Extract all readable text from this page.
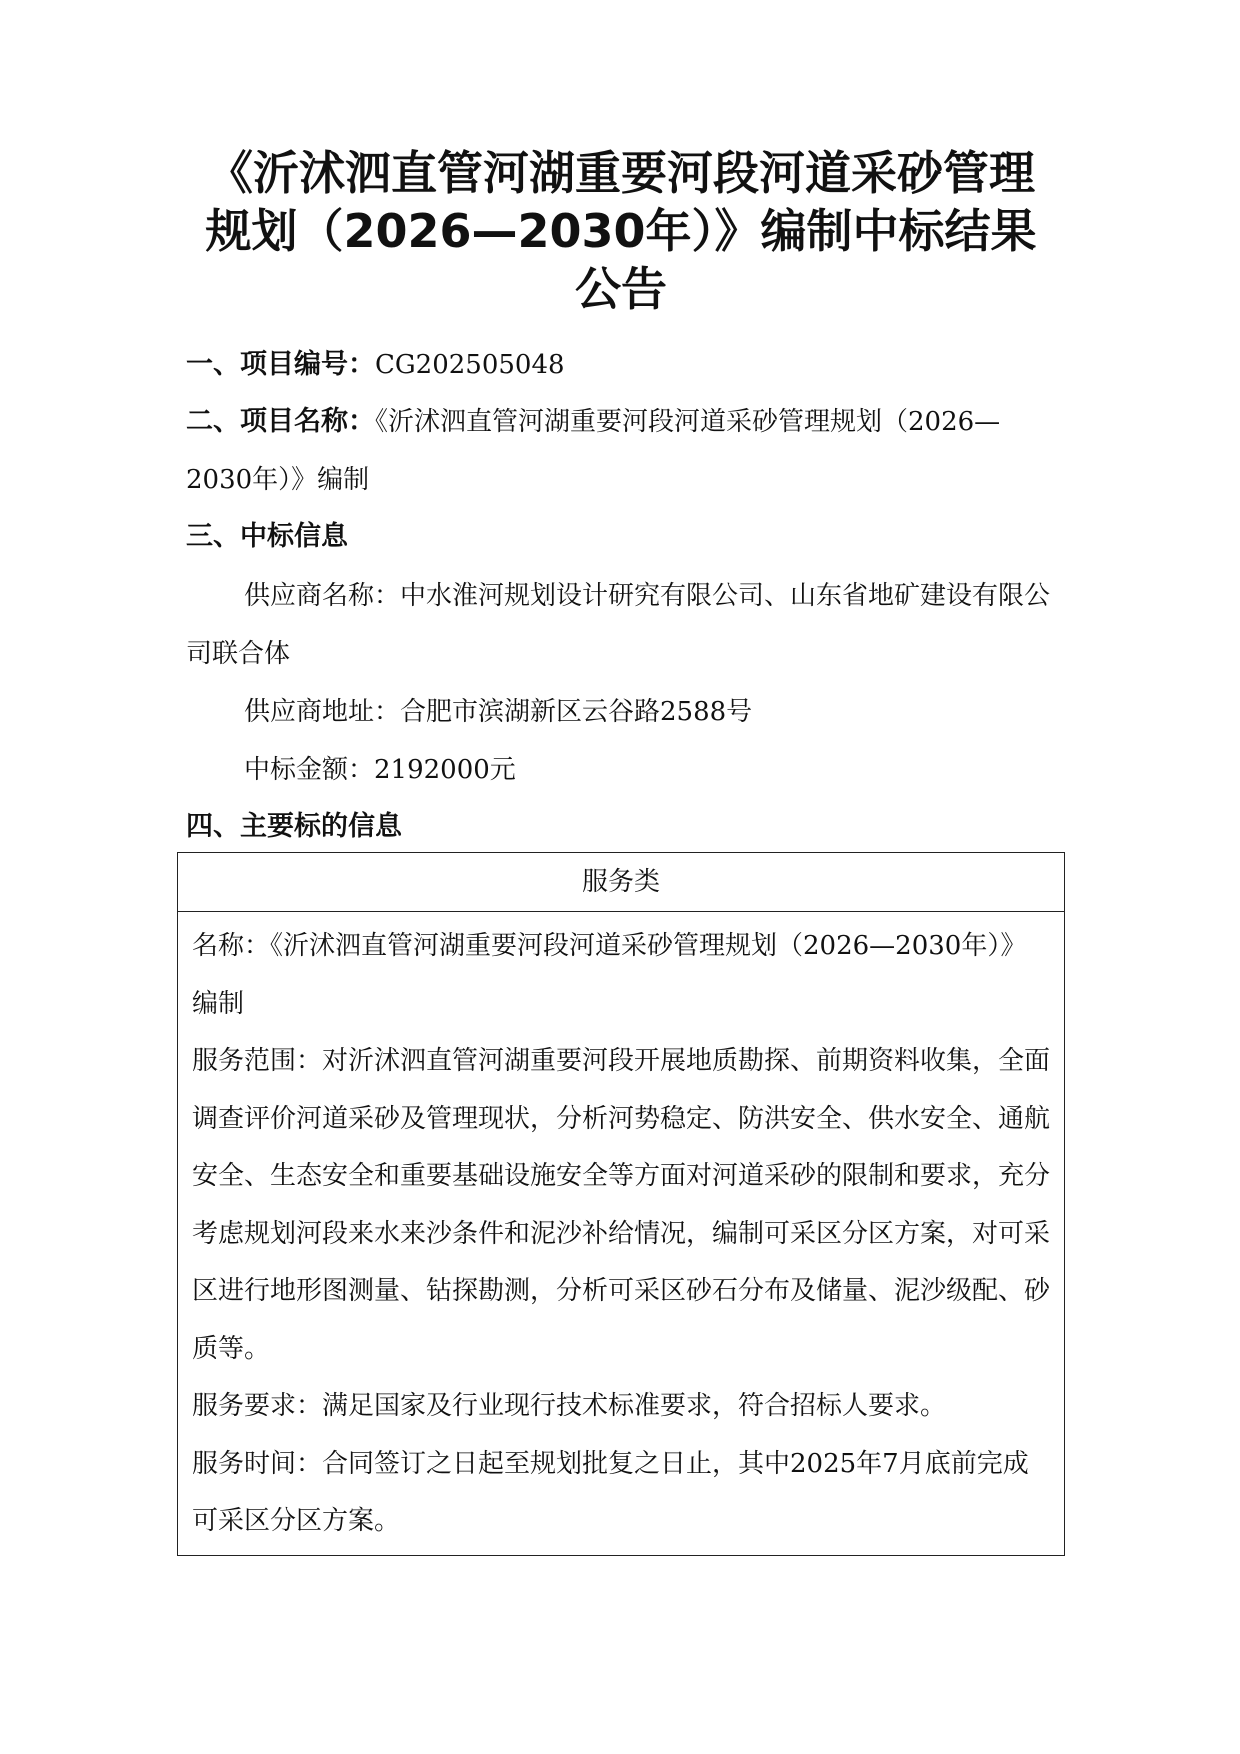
《沂沭泗直管河湖重要河段河道采砂管理规划（2026—2030年）》编制中标结果公告
一、项目编号：CG202505048
二、项目名称：《沂沭泗直管河湖重要河段河道采砂管理规划（2026—2030年）》编制
三、中标信息
供应商名称：中水淮河规划设计研究有限公司、山东省地矿建设有限公司联合体
供应商地址：合肥市滨湖新区云谷路2588号
中标金额：2192000元
四、主要标的信息
服务类
名称：《沂沭泗直管河湖重要河段河道采砂管理规划（2026—2030年）》编制
服务范围：对沂沭泗直管河湖重要河段开展地质勘探、前期资料收集，全面调查评价河道采砂及管理现状，分析河势稳定、防洪安全、供水安全、通航安全、生态安全和重要基础设施安全等方面对河道采砂的限制和要求，充分考虑规划河段来水来沙条件和泥沙补给情况，编制可采区分区方案，对可采区进行地形图测量、钻探勘测，分析可采区砂石分布及储量、泥沙级配、砂质等。
服务要求：满足国家及行业现行技术标准要求，符合招标人要求。
服务时间：合同签订之日起至规划批复之日止，其中2025年7月底前完成可采区分区方案。
